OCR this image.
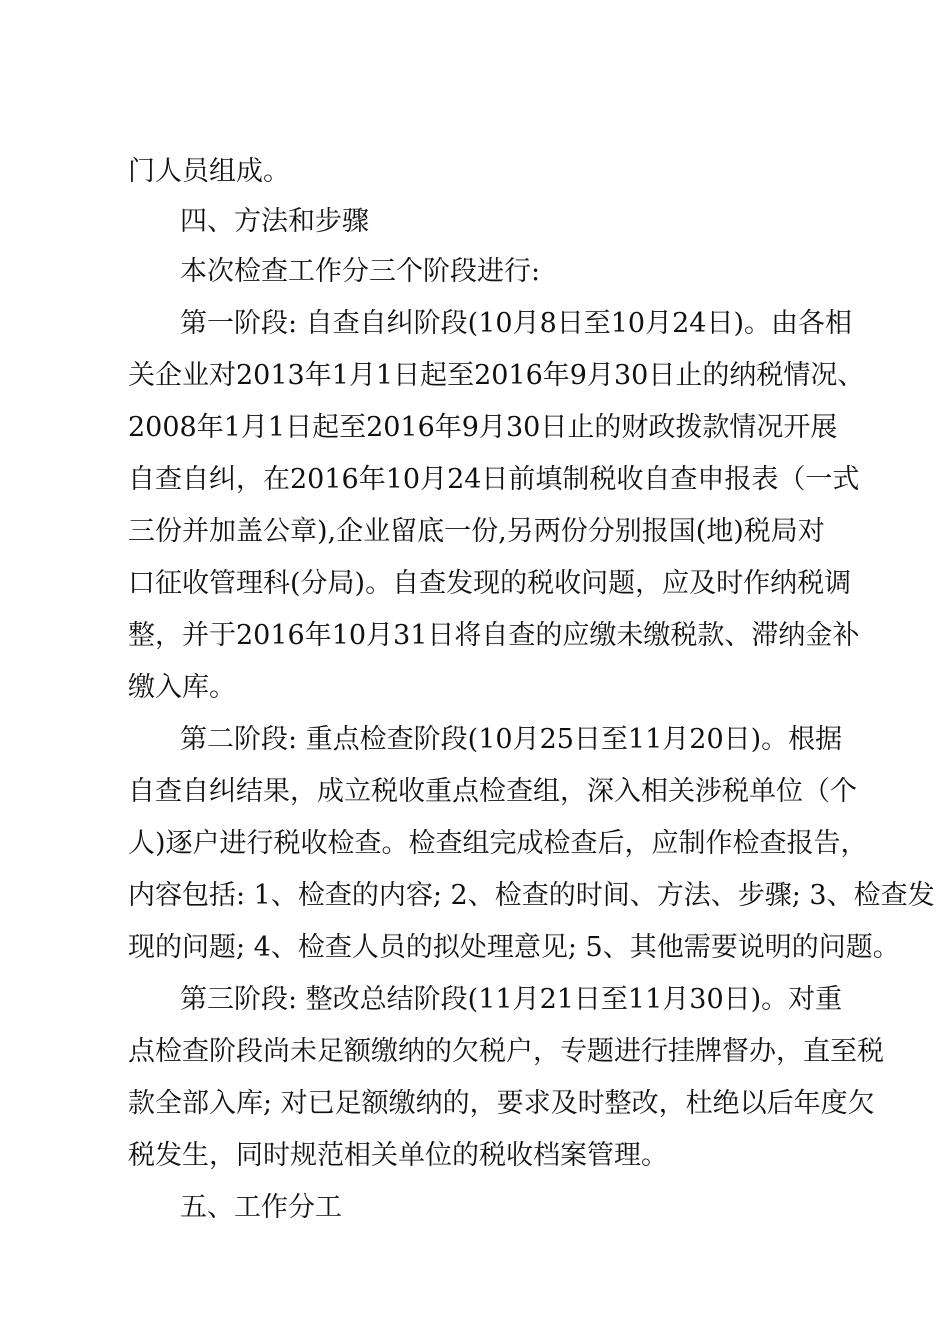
门人员组成。
四、方法和步骤
本次检查工作分三个阶段进行:
第一阶段: 自查自纠阶段(10月8日至10月24日)。由各相
关企业对2013年1月1日起至2016年9月30日止的纳税情况、
2008年1月1日起至2016年9月30日止的财政拨款情况开展
自查自纠，在2016年10月24日前填制税收自查申报表（一式
三份并加盖公章),企业留底一份,另两份分别报国(地)税局对
口征收管理科(分局)。自查发现的税收问题，应及时作纳税调
整，并于2016年10月31日将自查的应缴未缴税款、滞纳金补
缴入库。
第二阶段: 重点检查阶段(10月25日至11月20日)。根据
自查自纠结果，成立税收重点检查组，深入相关涉税单位（个
人)逐户进行税收检查。检查组完成检查后，应制作检查报告，
内容包括: 1、检查的内容; 2、检查的时间、方法、步骤; 3、检查发
现的问题; 4、检查人员的拟处理意见; 5、其他需要说明的问题。
第三阶段: 整改总结阶段(11月21日至11月30日)。对重
点检查阶段尚未足额缴纳的欠税户，专题进行挂牌督办，直至税
款全部入库; 对已足额缴纳的，要求及时整改，杜绝以后年度欠
税发生，同时规范相关单位的税收档案管理。
五、工作分工
